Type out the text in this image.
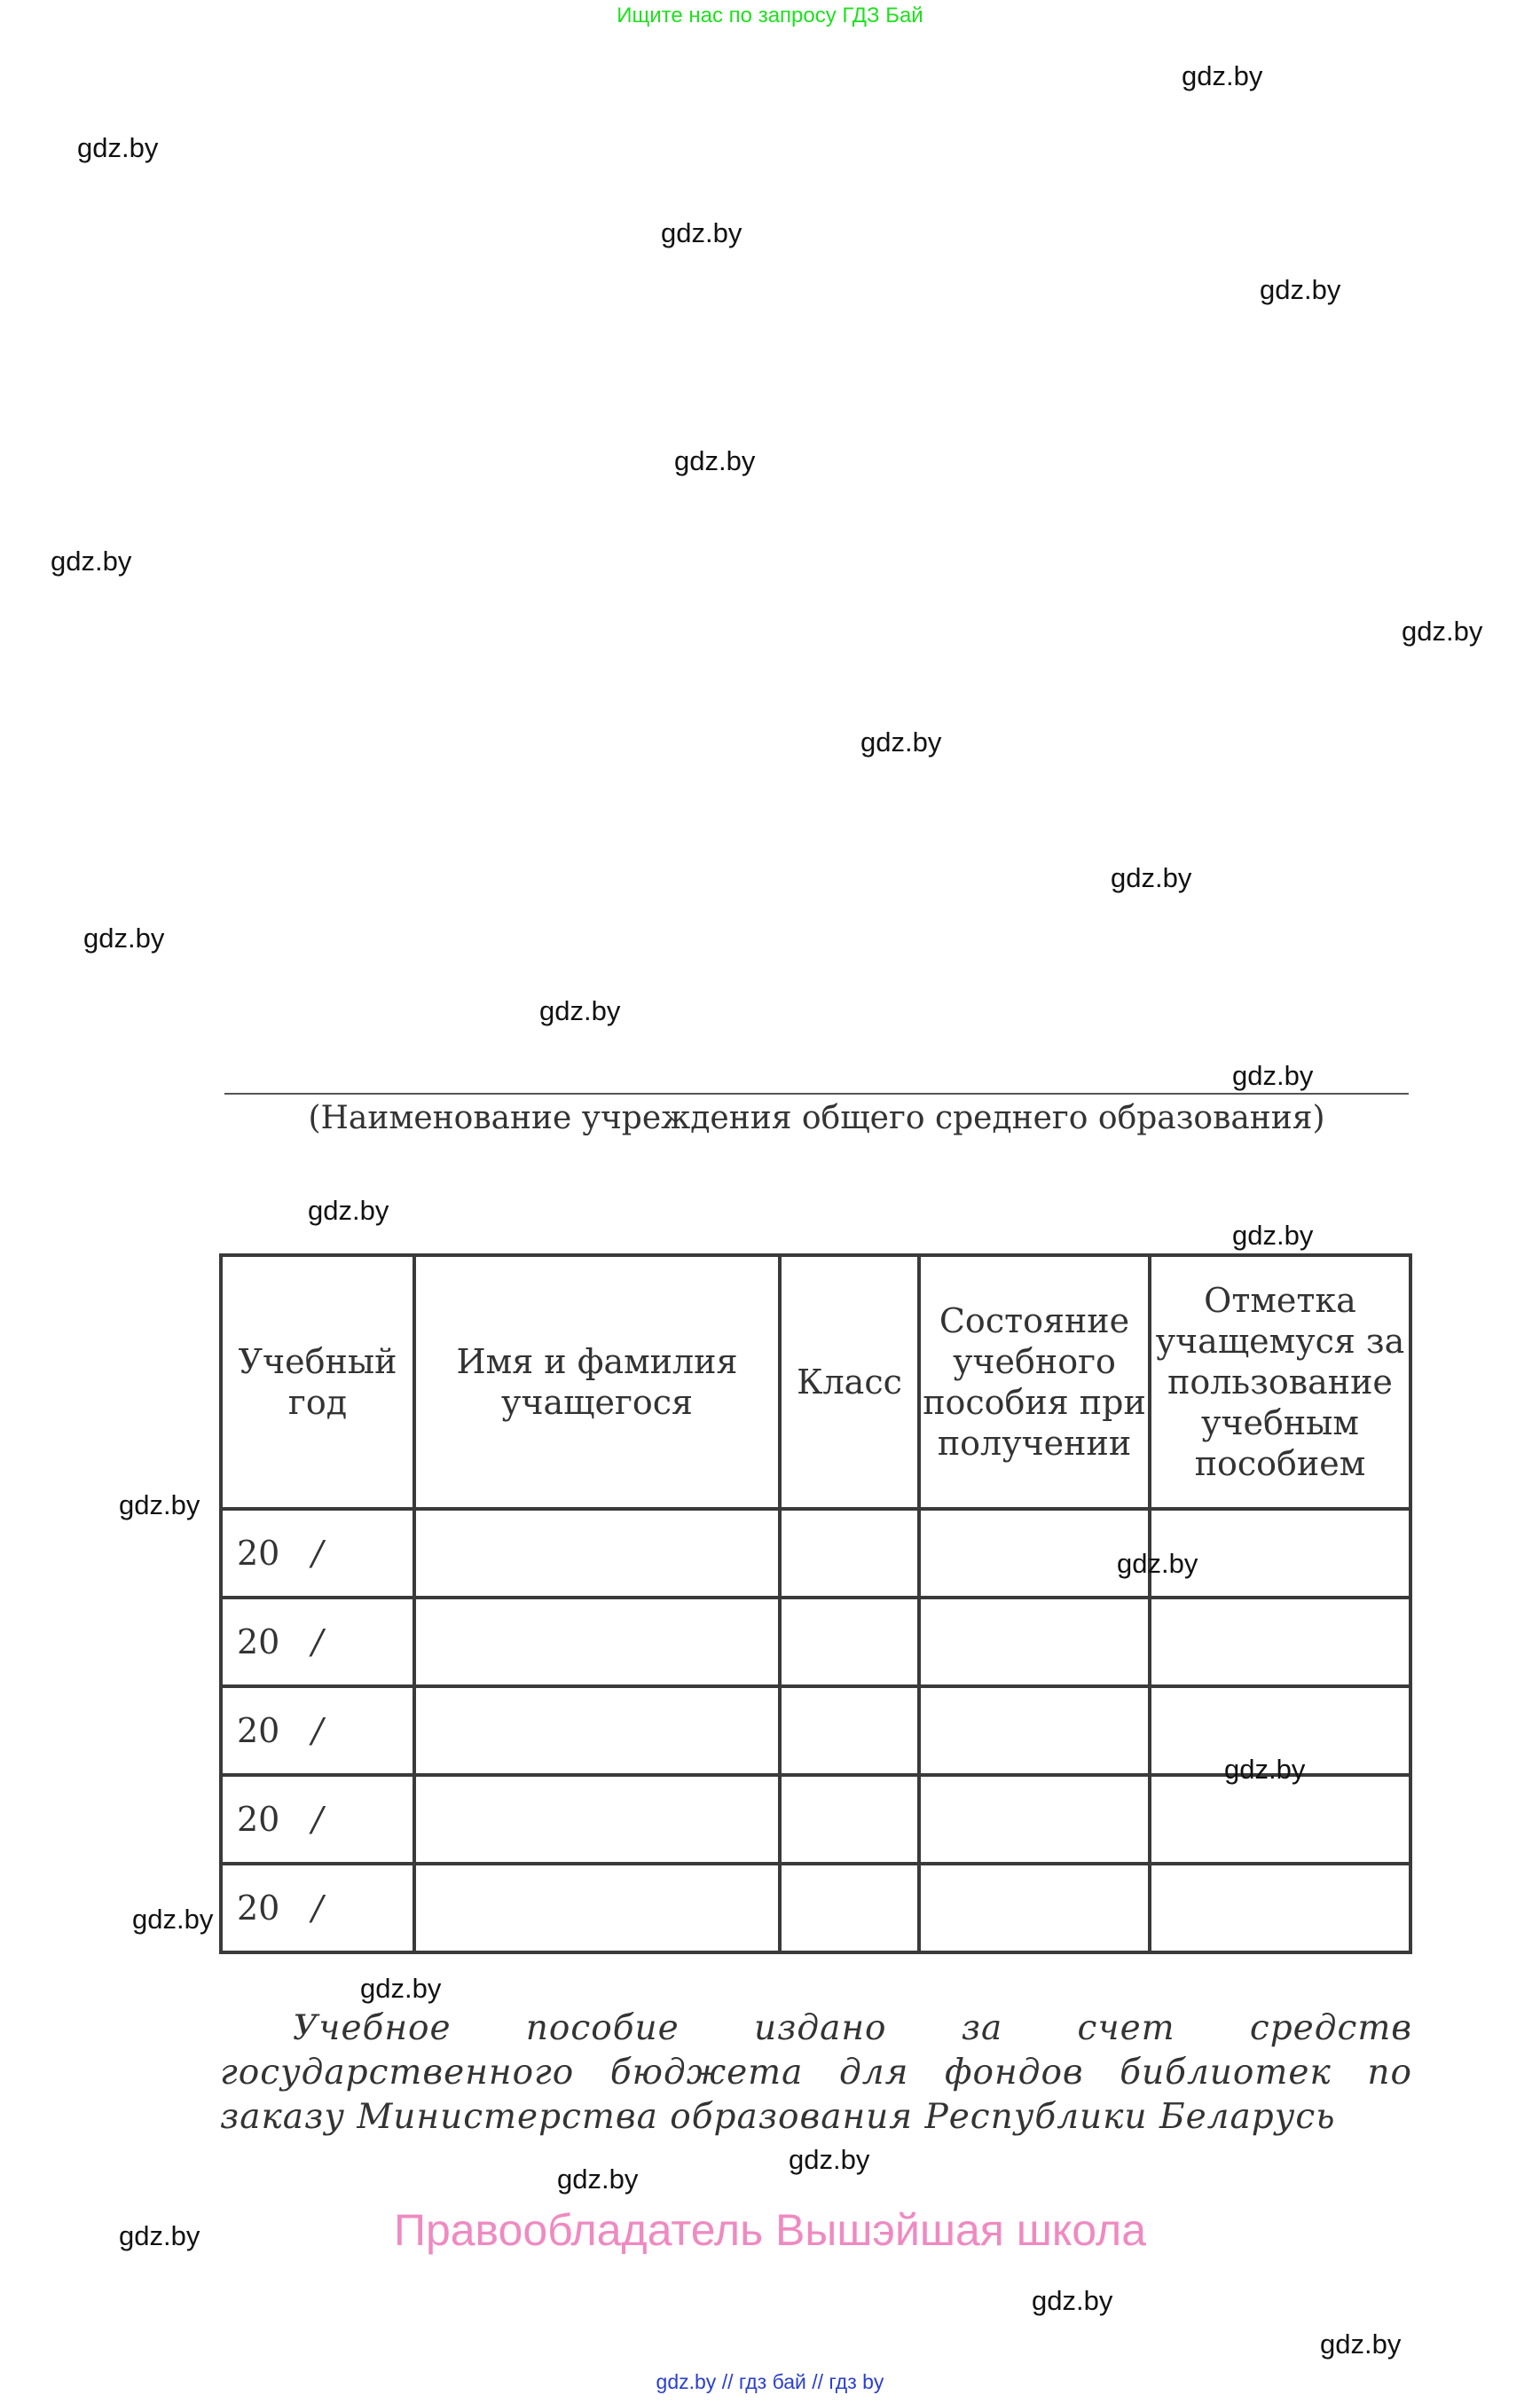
Ищите нас по запросу ГДЗ Бай
(Наименование учреждения общего среднего образования)
Учебный год	Имя и фамилия учащегося	Класс	Состояние учебного пособия при получении	Отметка учащемуся за пользование учебным пособием
20 /				
20 /				
20 /				
20 /				
20 /				
Учебное пособие издано за счет средств государственного бюджета для фондов библиотек по заказу Министерства образования Республики Беларусь
Правообладатель Вышэйшая школа
gdz.by // гдз бай // гдз by
gdz.by
gdz.by
gdz.by
gdz.by
gdz.by
gdz.by
gdz.by
gdz.by
gdz.by
gdz.by
gdz.by
gdz.by
gdz.by
gdz.by
gdz.by
gdz.by
gdz.by
gdz.by
gdz.by
gdz.by
gdz.by
gdz.by
gdz.by
gdz.by
